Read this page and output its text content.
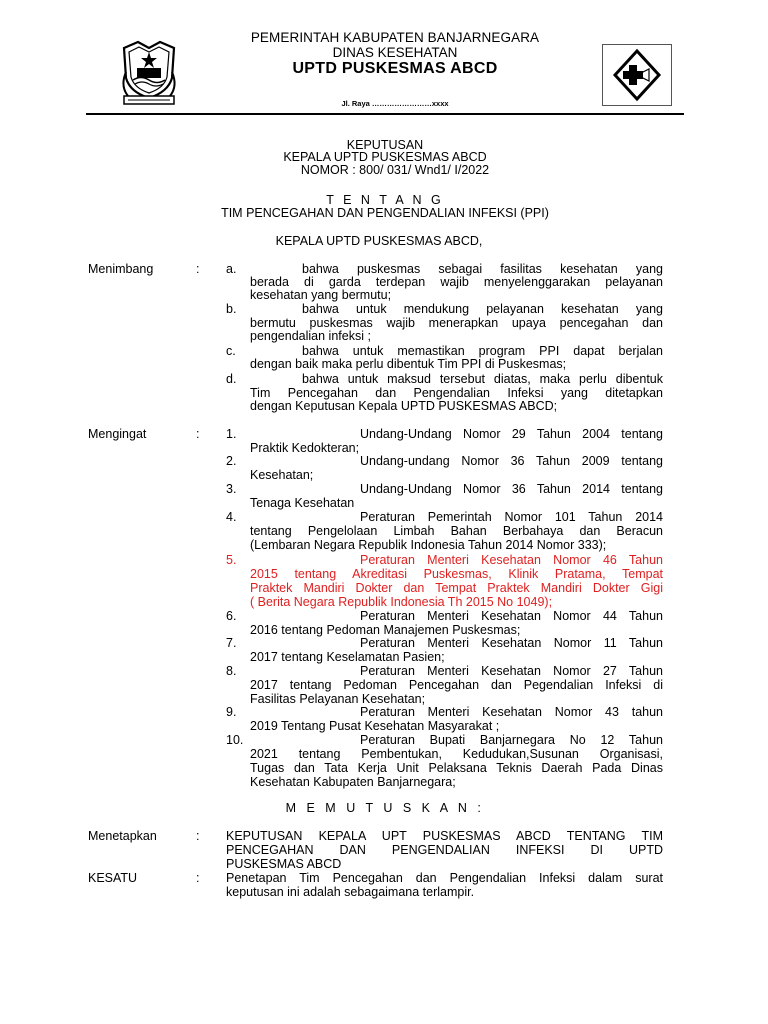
PEMERINTAH KABUPATEN BANJARNEGARA
DINAS KESEHATAN
UPTD PUSKESMAS ABCD
Jl. Raya ……………………xxxx
KEPUTUSAN
KEPALA UPTD PUSKESMAS ABCD
NOMOR : 800/ 031/ Wnd1/ I/2022
T E N T A N G
TIM PENCEGAHAN DAN PENGENDALIAN INFEKSI (PPI)
KEPALA UPTD PUSKESMAS ABCD,
Menimbang	: a.	bahwa puskesmas sebagai fasilitas kesehatan yang
berada di garda terdepan wajib menyelenggarakan pelayanan
kesehatan yang bermutu;
b.	bahwa untuk mendukung pelayanan kesehatan yang
bermutu puskesmas wajib menerapkan upaya pencegahan dan
pengendalian infeksi ;
c.	bahwa untuk memastikan program PPI dapat berjalan
dengan baik maka perlu dibentuk Tim PPI di Puskesmas;
d.	bahwa untuk maksud tersebut diatas, maka perlu dibentuk
Tim Pencegahan dan Pengendalian Infeksi yang ditetapkan
dengan Keputusan Kepala UPTD PUSKESMAS ABCD;
Mengingat	: 1.	Undang-Undang Nomor 29 Tahun 2004 tentang
Praktik Kedokteran;
2.	Undang-undang Nomor 36 Tahun 2009 tentang
Kesehatan;
3.	Undang-Undang Nomor 36 Tahun 2014 tentang
Tenaga Kesehatan
4.	Peraturan Pemerintah Nomor 101 Tahun 2014
tentang Pengelolaan Limbah Bahan Berbahaya dan Beracun
(Lembaran Negara Republik Indonesia Tahun 2014 Nomor 333);
5.	Peraturan Menteri Kesehatan Nomor 46 Tahun
2015 tentang Akreditasi Puskesmas, Klinik Pratama, Tempat
Praktek Mandiri Dokter dan Tempat Praktek Mandiri Dokter Gigi
( Berita Negara Republik Indonesia Th 2015 No 1049);
6.	Peraturan Menteri Kesehatan Nomor 44 Tahun
2016 tentang Pedoman Manajemen Puskesmas;
7.	Peraturan Menteri Kesehatan Nomor 11 Tahun
2017 tentang Keselamatan Pasien;
8.	Peraturan Menteri Kesehatan Nomor 27 Tahun
2017 tentang Pedoman Pencegahan dan Pegendalian Infeksi di
Fasilitas Pelayanan Kesehatan;
9.	Peraturan Menteri Kesehatan Nomor 43 tahun
2019 Tentang Pusat Kesehatan Masyarakat ;
10.	Peraturan Bupati Banjarnegara No 12 Tahun
2021 tentang Pembentukan, Kedudukan,Susunan Organisasi,
Tugas dan Tata Kerja Unit Pelaksana Teknis Daerah Pada Dinas
Kesehatan Kabupaten Banjarnegara;
M E M U T U S K A N :
Menetapkan	: KEPUTUSAN KEPALA UPT PUSKESMAS ABCD TENTANG TIM
PENCEGAHAN DAN PENGENDALIAN INFEKSI DI UPTD
PUSKESMAS ABCD
KESATU	: Penetapan Tim Pencegahan dan Pengendalian Infeksi dalam surat
keputusan ini adalah sebagaimana terlampir.
